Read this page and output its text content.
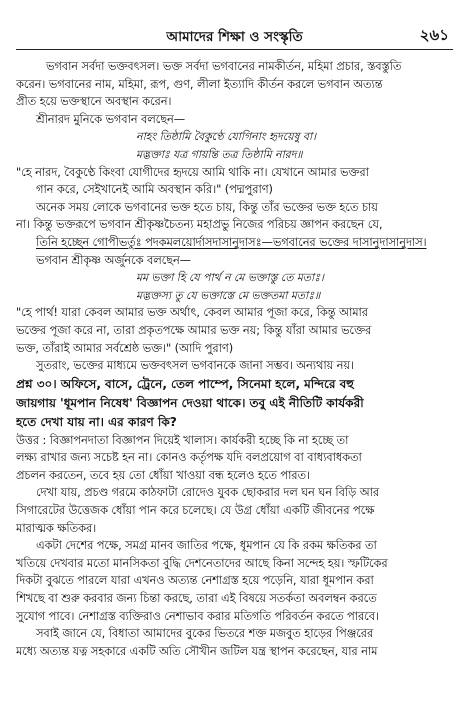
আমাদের শিক্ষা ও সংস্কৃতি	২৬১
ভগবান সর্বদা ভক্তবৎসল। ভক্ত সর্বদা ভগবানের নামকীর্তন, মহিমা প্রচার, স্তবস্তুতি
করেন। ভগবানের নাম, মহিমা, রূপ, গুণ, লীলা ইত্যাদি কীর্তন করলে ভগবান অত্যন্ত
প্রীত হয়ে ভক্তস্থানে অবস্থান করেন।
শ্রীনারদ মুনিকে ভগবান বলছেন—
নাহং তিষ্ঠামি বৈকুণ্ঠে যোগিনাং হৃদয়েষু বা।
মদ্ভক্তাঃ যত্র গায়ন্তি তত্র তিষ্ঠামি নারদ॥
"হে নারদ, বৈকুণ্ঠে কিংবা যোগীদের হৃদয়ে আমি থাকি না। যেখানে আমার ভক্তরা
গান করে, সেইখানেই আমি অবস্থান করি।" (পদ্মপুরাণ)
অনেক সময় লোকে ভগবানের ভক্ত হতে চায়, কিন্তু তাঁর ভক্তের ভক্ত হতে চায়
না। কিন্তু ভক্তরূপে ভগবান শ্রীকৃষ্ণচৈতন্য মহাপ্রভু নিজের পরিচয় জ্ঞাপন করছেন যে,
তিনি হচ্ছেন গোপীভর্তুঃ পদকমলয়োর্দাসদাসানুদাসঃ—ভগবানের ভক্তের দাসানুদাসানুদাস।
ভগবান শ্রীকৃষ্ণ অর্জুনকে বলছেন—
মম ভক্তা হি যে পার্থ ন মে ভক্তাস্তু তে মতাঃ।
মদ্ভক্তস্য তু যে ভক্তাস্তে মে ভক্ততমা মতাঃ॥
"হে পার্থ! যারা কেবল আমার ভক্ত অর্থাৎ, কেবল আমার পূজা করে, কিন্তু আমার
ভক্তের পূজা করে না, তারা প্রকৃতপক্ষে আমার ভক্ত নয়; কিন্তু যাঁরা আমার ভক্তের
ভক্ত, তাঁরাই আমার সর্বশ্রেষ্ঠ ভক্ত।" (আদি পুরাণ)
সুতরাং, ভক্তের মাধ্যমে ভক্তবৎসল ভগবানকে জানা সম্ভব। অন্যথায় নয়।
প্রশ্ন ৩০। অফিসে, বাসে, ট্রেনে, তেল পাম্পে, সিনেমা হলে, মন্দিরে বহু
জায়গায় 'ধূমপান নিষেধ' বিজ্ঞাপন দেওয়া থাকে। তবু এই নীতিটি কার্যকরী
হতে দেখা যায় না। এর কারণ কি?
উত্তর : বিজ্ঞাপনদাতা বিজ্ঞাপন দিয়েই খালাস। কার্যকরী হচ্ছে কি না হচ্ছে তা
লক্ষ্য রাখার জন্য সচেষ্ট হন না। কোনও কর্তৃপক্ষ যদি বলপ্রয়োগ বা বাধ্যবাধকতা
প্রচলন করতেন, তবে হয় তো ধোঁয়া খাওয়া বন্ধ হলেও হতে পারত।
দেখা যায়, প্রচণ্ড গরমে কাঠফাটা রোদেও যুবক ছোকরার দল ঘন ঘন বিড়ি আর
সিগারেটের উত্তেজক ধোঁয়া পান করে চলেছে। যে উগ্র ধোঁয়া একটি জীবনের পক্ষে
মারাত্মক ক্ষতিকর।
একটা দেশের পক্ষে, সমগ্র মানব জাতির পক্ষে, ধূমপান যে কি রকম ক্ষতিকর তা
খতিয়ে দেখবার মতো মানসিকতা বুদ্ধি দেশনেতাদের আছে কিনা সন্দেহ হয়। স্ফটিকের
দিকটা বুঝতে পারলে যারা এখনও অত্যন্ত নেশাগ্রস্ত হয়ে পড়েনি, যারা ধূমপান করা
শিখছে বা শুরু করবার জন্য চিন্তা করছে, তারা এই বিষয়ে সতর্কতা অবলম্বন করতে
সুযোগ পাবে। নেশাগ্রস্ত ব্যক্তিরাও নেশাভাব করার মতিগতি পরিবর্তন করতে পারবে।
সবাই জানে যে, বিধাতা আমাদের বুকের ভিতরে শক্ত মজবুত হাড়ের পিঞ্জরের
মধ্যে অত্যন্ত যত্ন সহকারে একটি অতি সৌখীন জটিল যন্ত্র স্থাপন করেছেন, যার নাম
